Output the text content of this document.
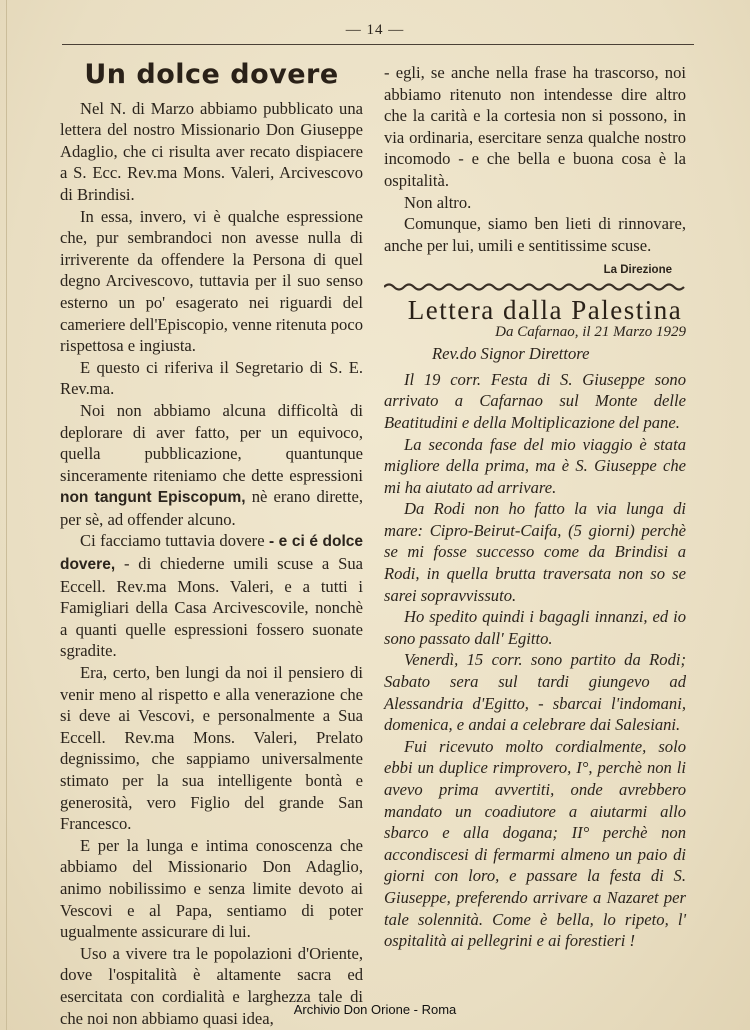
— 14 —

Un dolce dovere

Nel N. di Marzo abbiamo pubblicato una lettera del nostro Missionario Don Giuseppe Adaglio, che ci risulta aver recato dispiacere a S. Ecc. Rev.ma Mons. Valeri, Arcivescovo di Brindisi.

In essa, invero, vi è qualche espressione che, pur sembrandoci non avesse nulla di irriverente da offendere la Persona di quel degno Arcivescovo, tuttavia per il suo senso esterno un po' esagerato nei riguardi del cameriere dell'Episcopio, venne ritenuta poco rispettosa e ingiusta.

E questo ci riferiva il Segretario di S. E. Rev.ma.

Noi non abbiamo alcuna difficoltà di deplorare di aver fatto, per un equivoco, quella pubblicazione, quantunque sinceramente riteniamo che dette espressioni non tangunt Episcopum, nè erano dirette, per sè, ad offender alcuno.

Ci facciamo tuttavia dovere - e ci é dolce dovere, - di chiederne umili scuse a Sua Eccell. Rev.ma Mons. Valeri, e a tutti i Famigliari della Casa Arcivescovile, nonchè a quanti quelle espressioni fossero suonate sgradite.

Era, certo, ben lungi da noi il pensiero di venir meno al rispetto e alla venerazione che si deve ai Vescovi, e personalmente a Sua Eccell. Rev.ma Mons. Valeri, Prelato degnissimo, che sappiamo universalmente stimato per la sua intelligente bontà e generosità, vero Figlio del grande San Francesco.

E per la lunga e intima conoscenza che abbiamo del Missionario Don Adaglio, animo nobilissimo e senza limite devoto ai Vescovi e al Papa, sentiamo di poter ugualmente assicurare di lui.

Uso a vivere tra le popolazioni d'Oriente, dove l'ospitalità è altamente sacra ed esercitata con cordialità e larghezza tale di che noi non abbiamo quasi idea,

- egli, se anche nella frase ha trascorso, noi abbiamo ritenuto non intendesse dire altro che la carità e la cortesia non si possono, in via ordinaria, esercitare senza qualche nostro incomodo - e che bella e buona cosa è la ospitalità.

Non altro.

Comunque, siamo ben lieti di rinnovare, anche per lui, umili e sentitissime scuse.
La Direzione

Lettera dalla Palestina

Da Cafarnao, il 21 Marzo 1929

Rev.do Signor Direttore

Il 19 corr. Festa di S. Giuseppe sono arrivato a Cafarnao sul Monte delle Beatitudini e della Moltiplicazione del pane.

La seconda fase del mio viaggio è stata migliore della prima, ma è S. Giuseppe che mi ha aiutato ad arrivare.

Da Rodi non ho fatto la via lunga di mare: Cipro-Beirut-Caifa, (5 giorni) perchè se mi fosse successo come da Brindisi a Rodi, in quella brutta traversata non so se sarei sopravvissuto.

Ho spedito quindi i bagagli innanzi, ed io sono passato dall' Egitto.

Venerdì, 15 corr. sono partito da Rodi; Sabato sera sul tardi giungevo ad Alessandria d'Egitto, - sbarcai l'indomani, domenica, e andai a celebrare dai Salesiani.

Fui ricevuto molto cordialmente, solo ebbi un duplice rimprovero, I°, perchè non li avevo prima avvertiti, onde avrebbero mandato un coadiutore a aiutarmi allo sbarco e alla dogana; II° perchè non accondiscesi di fermarmi almeno un paio di giorni con loro, e passare la festa di S. Giuseppe, preferendo arrivare a Nazaret per tale solennità. Come è bella, lo ripeto, l' ospitalità ai pellegrini e ai forestieri !

Archivio Don Orione - Roma
